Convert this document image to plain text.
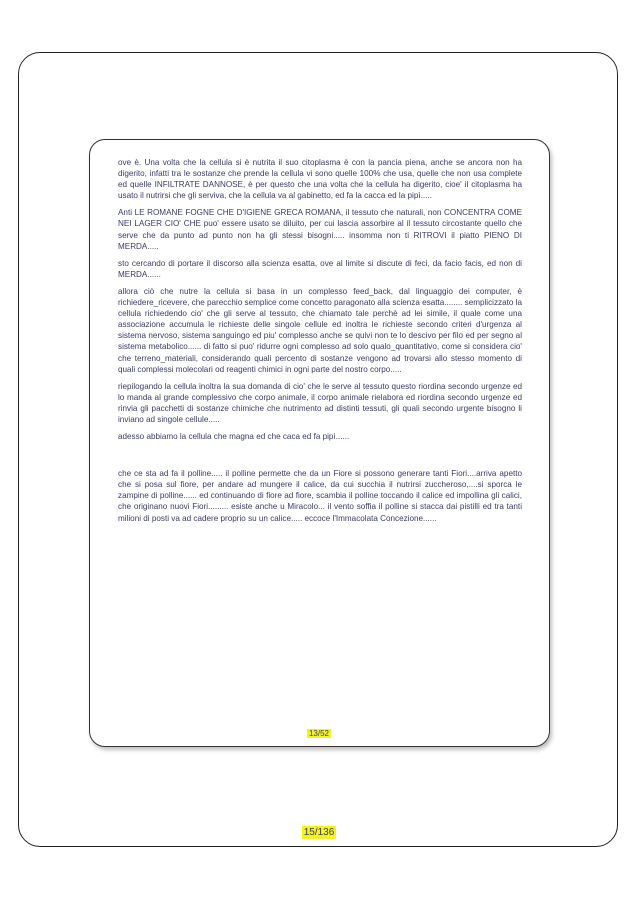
ove è. Una volta che la cellula si è nutrita il suo citoplasma è con la pancia piena, anche se ancora non ha digerito, infatti tra le sostanze che prende la cellula vi sono quelle 100% che usa, quelle che non usa complete ed quelle INFILTRATE DANNOSE, è per questo che una volta che la cellula ha digerito, cioe' il citoplasma ha usato il nutrirsi che gli serviva, che la cellula va al gabinetto, ed fa la cacca ed la pipì.....

Anti LE ROMANE FOGNE CHE D'IGIENE GRECA ROMANA, il tessuto che naturali, non CONCENTRA COME NEI LAGER CIO' CHE puo' essere usato se diluito, per cui lascia assorbire al il tessuto circostante quello che serve che da punto ad punto non ha gli stessi bisogni..... insomma non ti RITROVI il piatto PIENO DI MERDA.....

sto cercando di portare il discorso alla scienza esatta, ove al limite si discute di feci, da facio facis, ed non di MERDA......

allora ciò che nutre la cellula si basa in un complesso feed_back, dal linguaggio dei computer, è richiedere_ricevere, che parecchio semplice come concetto paragonato alla scienza esatta........ semplicizzato la cellula richiedendo cio' che gli serve al tessuto, che chiamato tale perchè ad lei simile, il quale come una associazione accumula le richieste delle singole cellule ed inoltra le richieste secondo criteri d'urgenza al sistema nervoso, sistema sanguingo ed piu' complesso anche se quivi non te lo descivo per filo ed per segno al sistema metabolico...... di fatto si puo' ridurre ogni complesso ad solo qualo_quantitativo, come si considera cio' che terreno_materiali, considerando quali percento di sostanze vengono ad trovarsi allo stesso momento di quali complessi molecolari od reagenti chimici in ogni parte del nostro corpo.....

riepilogando la cellula inoltra la sua domanda di cio' che le serve al tessuto questo riordina secondo urgenze ed lo manda al grande complessivo che corpo animale, il corpo animale rielabora ed riordina secondo urgenze ed rinvia gli pacchetti di sostanze chimiche che nutrimento ad distinti tessuti, gli quali secondo urgente bisogno li inviano ad singole cellule.....

adesso abbiamo la cellula che magna ed che caca ed fa pipì......

che ce sta ad fa il polline..... il polline permette che da un Fiore si possono generare tanti Fiori....arriva apetto che si posa sul fiore, per andare ad mungere il calice, da cui succhia il nutrirsi zuccheroso,....si sporca le zampine di polline...... ed continuando di fiore ad fiore, scambia il polline toccando il calice ed impollina gli calici, che originano nuovi Fiori......... esiste anche u Miracolo... il vento soffia il polline si stacca dai pistilli ed tra tanti milioni di posti va ad cadere proprio su un calice..... eccoce l'Immacolata Concezione......

13/52
15/136
